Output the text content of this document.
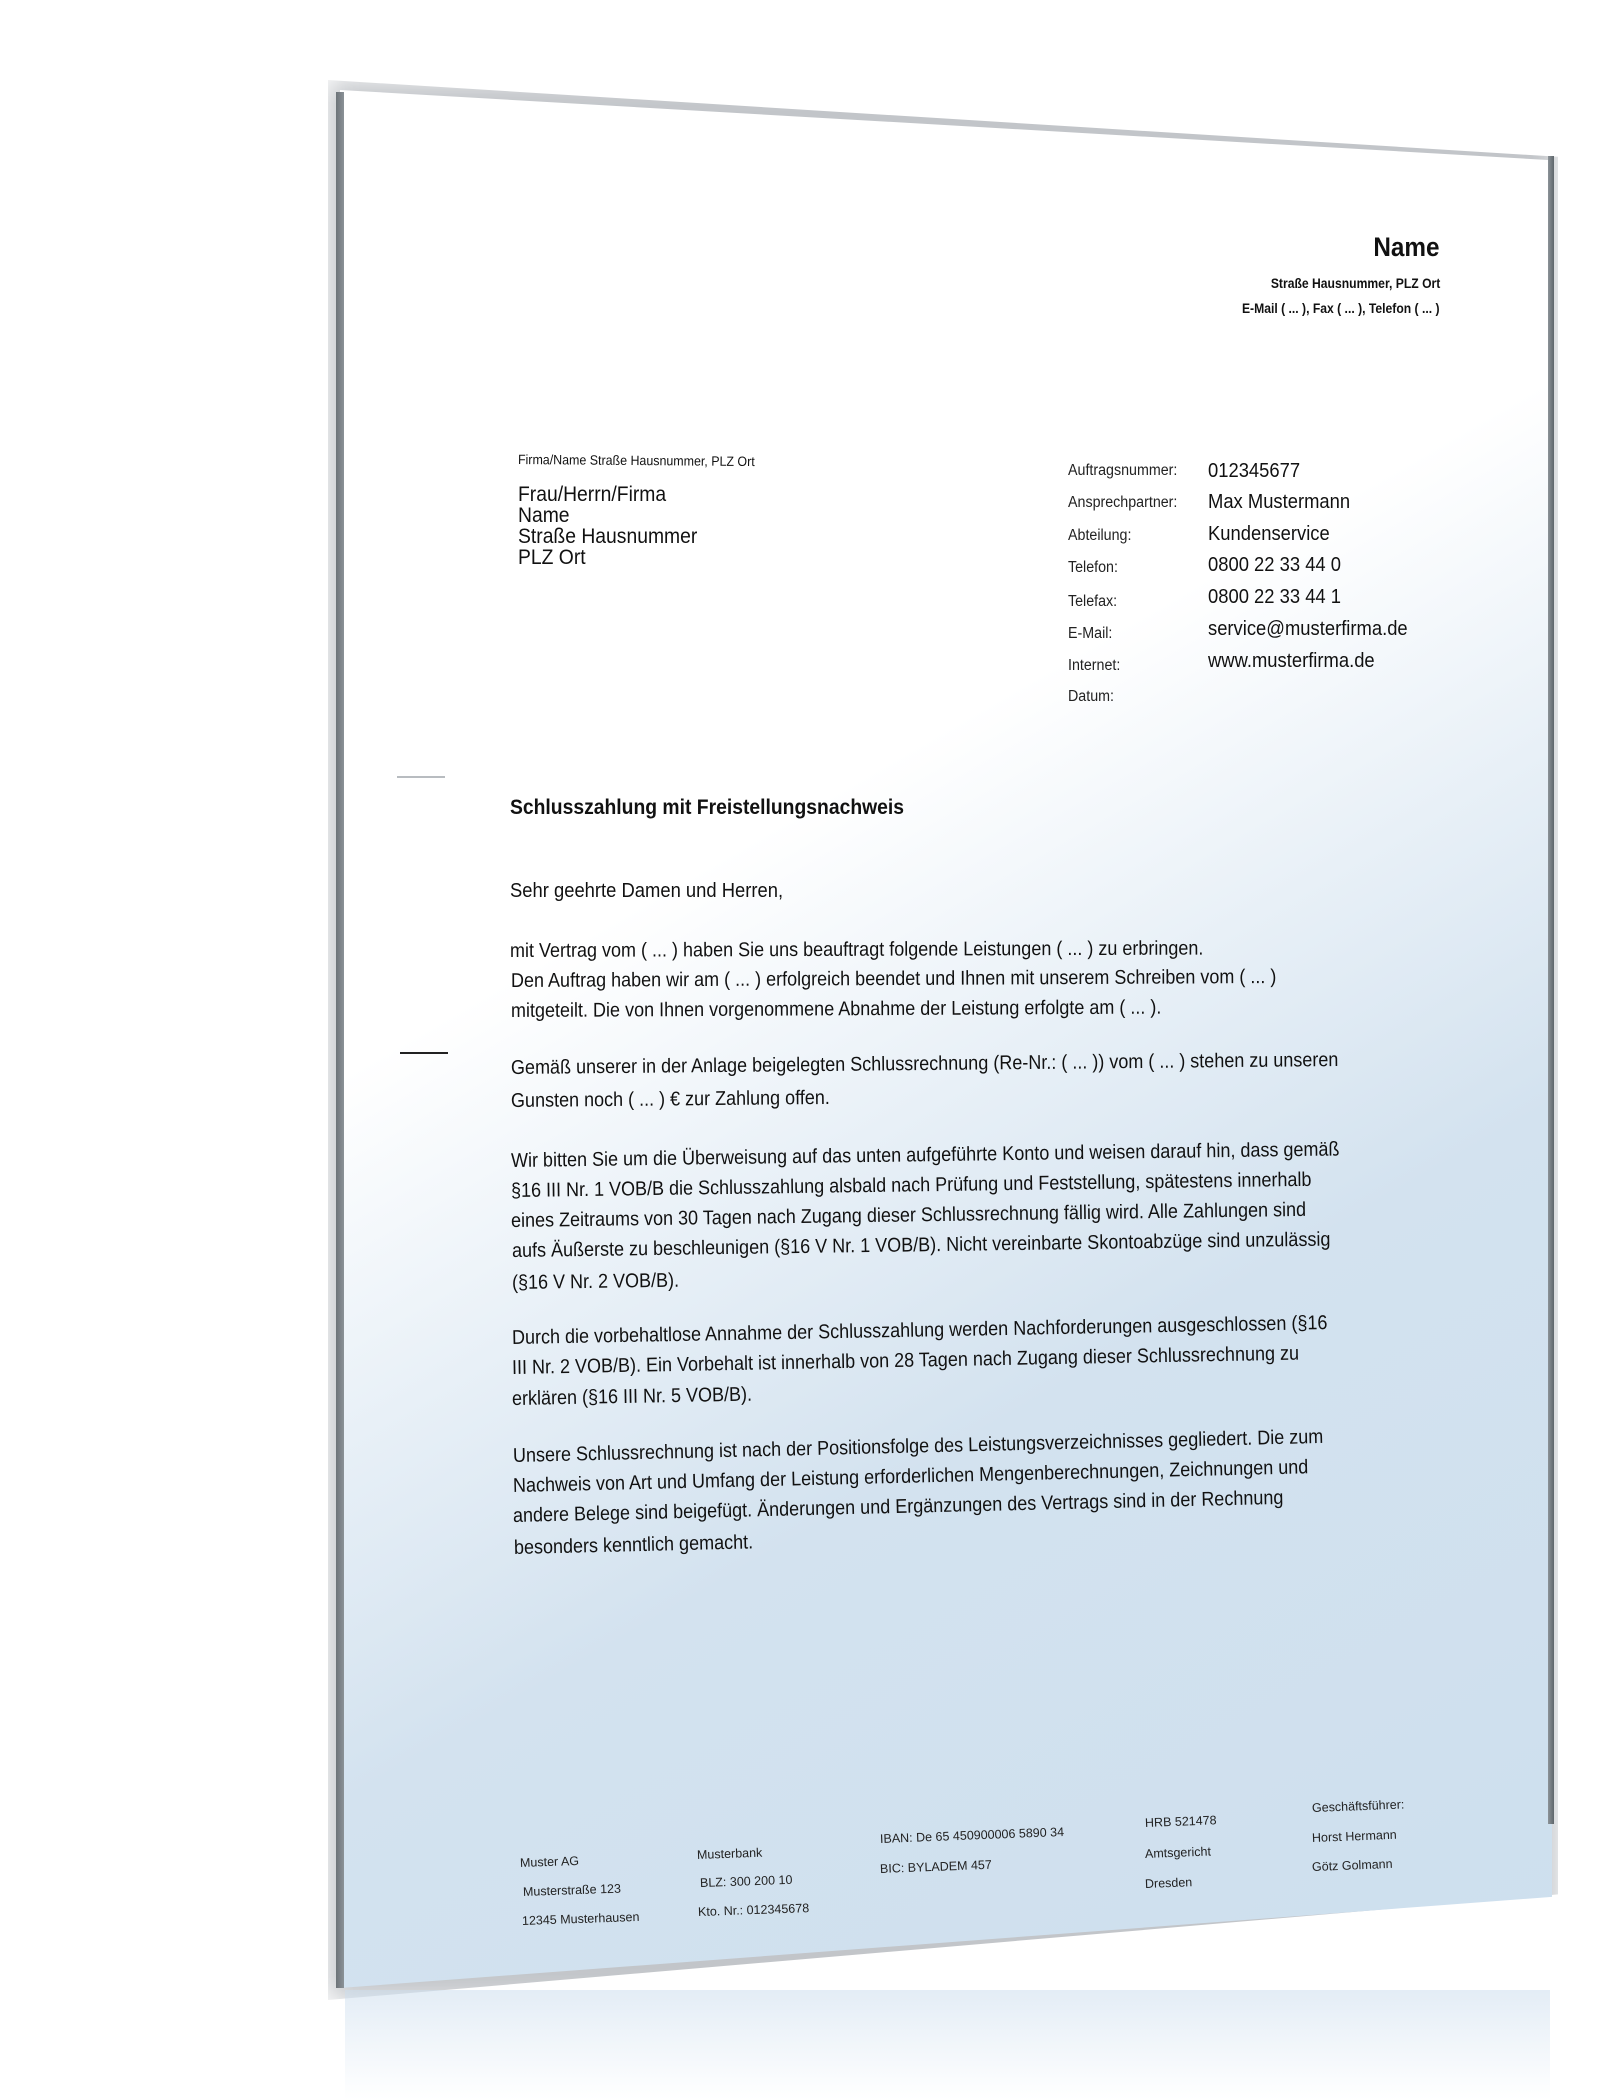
Name
Straße Hausnummer, PLZ Ort
E-Mail ( ... ), Fax ( ... ), Telefon ( ... )
Firma/Name Straße Hausnummer, PLZ Ort
Frau/Herrn/Firma
Name
Straße Hausnummer
PLZ Ort
Auftragsnummer: 012345677
Ansprechpartner: Max Mustermann
Abteilung:	Kundenservice
Telefon:	0800 22 33 44 0
Telefax:	0800 22 33 44 1
E-Mail:	service@musterfirma.de
Internet:	www.musterfirma.de
Datum:
Schlusszahlung mit Freistellungsnachweis
Sehr geehrte Damen und Herren,
mit Vertrag vom ( ... ) haben Sie uns beauftragt folgende Leistungen ( ... ) zu erbringen.
Den Auftrag haben wir am ( ... ) erfolgreich beendet und Ihnen mit unserem Schreiben vom ( ... )
mitgeteilt. Die von Ihnen vorgenommene Abnahme der Leistung erfolgte am ( ... ).
Gemäß unserer in der Anlage beigelegten Schlussrechnung (Re-Nr.: ( ... )) vom ( ... ) stehen zu unseren
Gunsten noch ( ... ) € zur Zahlung offen.
Wir bitten Sie um die Überweisung auf das unten aufgeführte Konto und weisen darauf hin, dass gemäß
§16 III Nr. 1 VOB/B die Schlusszahlung alsbald nach Prüfung und Feststellung, spätestens innerhalb
eines Zeitraums von 30 Tagen nach Zugang dieser Schlussrechnung fällig wird. Alle Zahlungen sind
aufs Äußerste zu beschleunigen (§16 V Nr. 1 VOB/B). Nicht vereinbarte Skontoabzüge sind unzulässig
(§16 V Nr. 2 VOB/B).
Durch die vorbehaltlose Annahme der Schlusszahlung werden Nachforderungen ausgeschlossen (§16
III Nr. 2 VOB/B). Ein Vorbehalt ist innerhalb von 28 Tagen nach Zugang dieser Schlussrechnung zu
erklären (§16 III Nr. 5 VOB/B).
Unsere Schlussrechnung ist nach der Positionsfolge des Leistungsverzeichnisses gegliedert. Die zum
Nachweis von Art und Umfang der Leistung erforderlichen Mengenberechnungen, Zeichnungen und
andere Belege sind beigefügt. Änderungen und Ergänzungen des Vertrags sind in der Rechnung
besonders kenntlich gemacht.
Muster AG
Musterstraße 123
12345 Musterhausen
Musterbank
BLZ: 300 200 10
Kto. Nr.: 012345678
IBAN: De 65 450900006 5890 34
BIC: BYLADEM 457
HRB 521478
Amtsgericht
Dresden
Geschäftsführer:
Horst Hermann
Götz Golmann
